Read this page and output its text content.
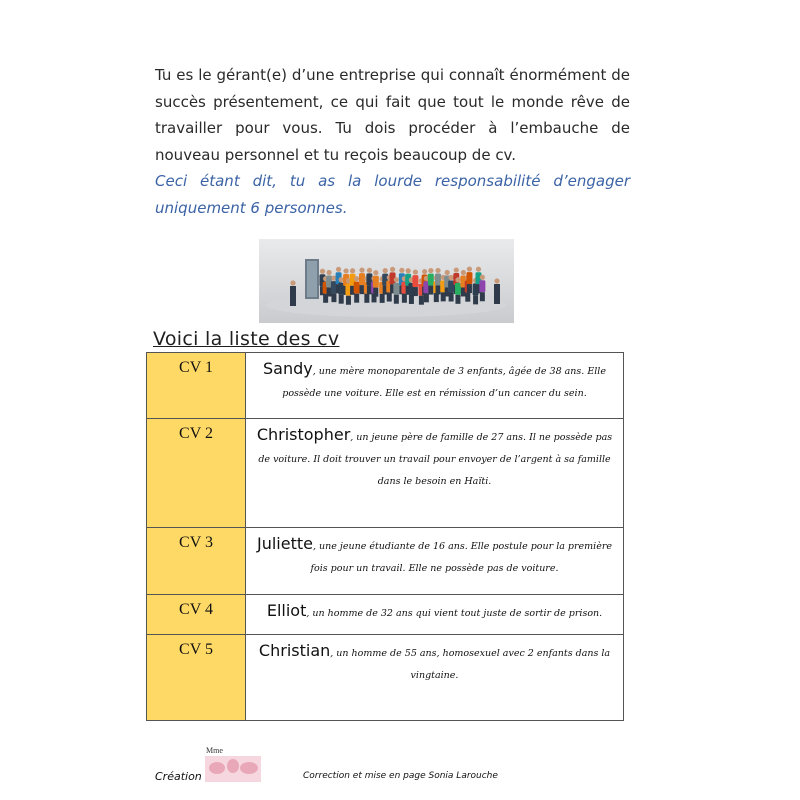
Tu es le gérant(e) d’une entreprise qui connaît énormément de succès présentement, ce qui fait que tout le monde rêve de travailler pour vous. Tu dois procéder à l’embauche de nouveau personnel et tu reçois beaucoup de cv.

Ceci étant dit, tu as la lourde responsabilité d’engager uniquement 6 personnes.

Voici la liste des cv
CV 1	Sandy, une mère monoparentale de 3 enfants, âgée de 38 ans. Elle possède une voiture. Elle est en rémission d’un cancer du sein.
CV 2	Christopher, un jeune père de famille de 27 ans. Il ne possède pas de voiture. Il doit trouver un travail pour envoyer de l’argent à sa famille dans le besoin en Haïti.
CV 3	Juliette, une jeune étudiante de 16 ans. Elle postule pour la première fois pour un travail. Elle ne possède pas de voiture.
CV 4	Elliot, un homme de 32 ans qui vient tout juste de sortir de prison.
CV 5	Christian, un homme de 55 ans, homosexuel avec 2 enfants dans la vingtaine.
Création
Mme
Correction et mise en page Sonia Larouche
